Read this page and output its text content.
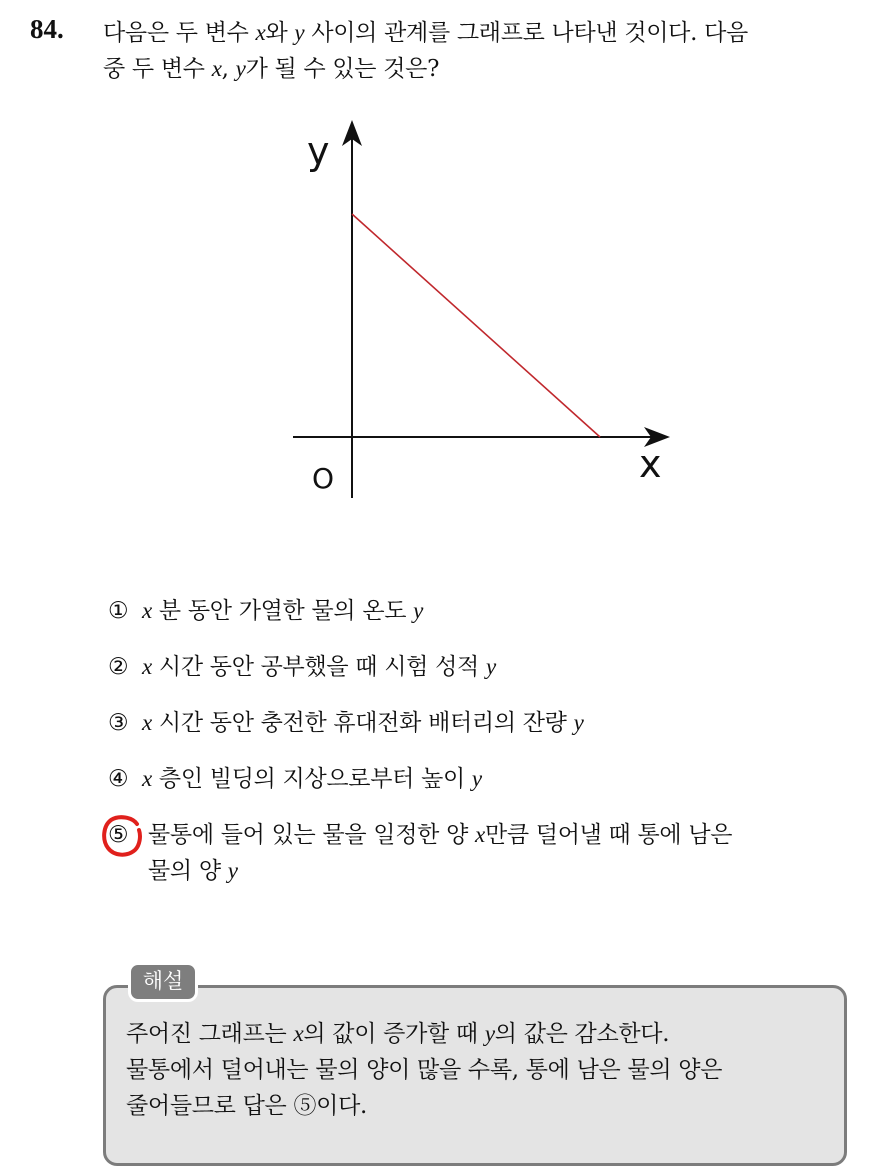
84. 다음은 두 변수 x와 y 사이의 관계를 그래프로 나타낸 것이다. 다음

중 두 변수 x, y가 될 수 있는 것은?

y
x
O
① x 분 동안 가열한 물의 온도 y
② x 시간 동안 공부했을 때 시험 성적 y
③ x 시간 동안 충전한 휴대전화 배터리의 잔량 y
④ x 층인 빌딩의 지상으로부터 높이 y
⑤ 물통에 들어 있는 물을 일정한 양 x만큼 덜어낼 때 통에 남은

물의 양 y

해설

주어진 그래프는 x의 값이 증가할 때 y의 값은 감소한다.

물통에서 덜어내는 물의 양이 많을 수록, 통에 남은 물의 양은

줄어들므로 답은 ⑤이다.
